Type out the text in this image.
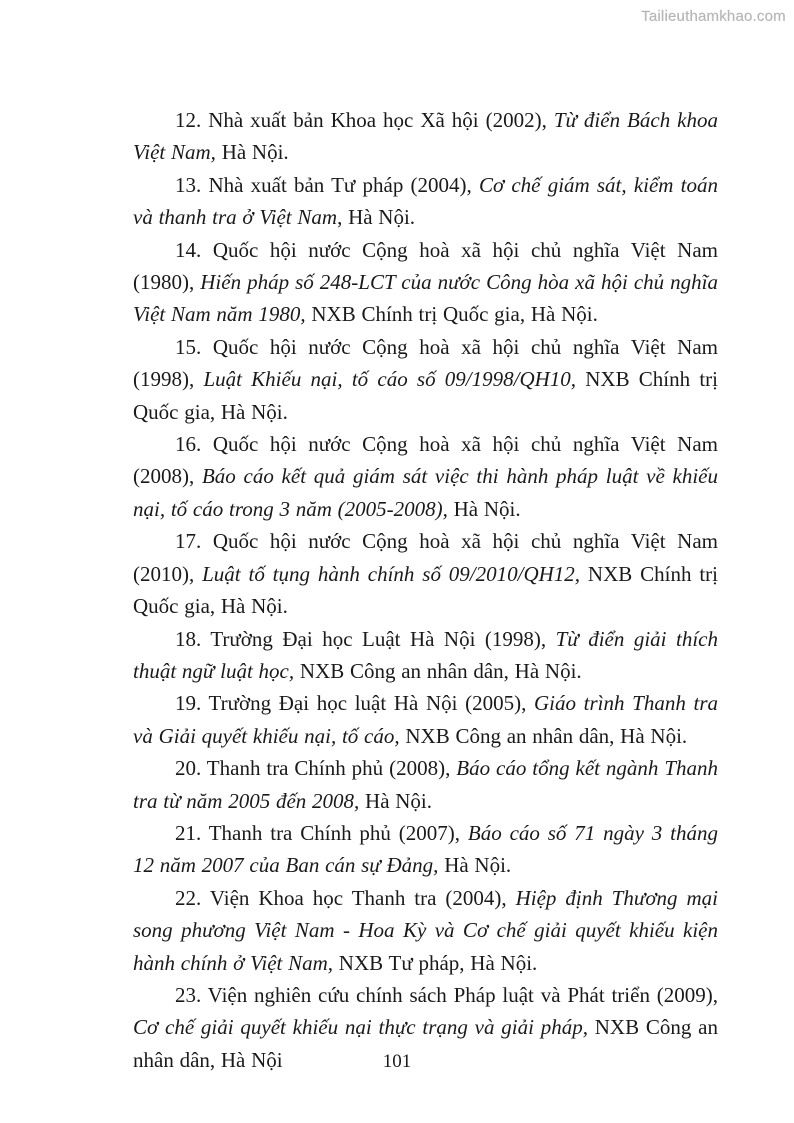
Tailieuthamkhao.com

12. Nhà xuất bản Khoa học Xã hội (2002), Từ điển Bách khoa Việt Nam, Hà Nội.

13. Nhà xuất bản Tư pháp (2004), Cơ chế giám sát, kiểm toán và thanh tra ở Việt Nam, Hà Nội.

14. Quốc hội nước Cộng hoà xã hội chủ nghĩa Việt Nam (1980), Hiến pháp số 248-LCT của nước Công hòa xã hội chủ nghĩa Việt Nam năm 1980, NXB Chính trị Quốc gia, Hà Nội.

15. Quốc hội nước Cộng hoà xã hội chủ nghĩa Việt Nam (1998), Luật Khiếu nại, tố cáo số 09/1998/QH10, NXB Chính trị Quốc gia, Hà Nội.

16. Quốc hội nước Cộng hoà xã hội chủ nghĩa Việt Nam (2008), Báo cáo kết quả giám sát việc thi hành pháp luật về khiếu nại, tố cáo trong 3 năm (2005-2008), Hà Nội.

17. Quốc hội nước Cộng hoà xã hội chủ nghĩa Việt Nam (2010), Luật tố tụng hành chính số 09/2010/QH12, NXB Chính trị Quốc gia, Hà Nội.

18. Trường Đại học Luật Hà Nội (1998), Từ điển giải thích thuật ngữ luật học, NXB Công an nhân dân, Hà Nội.

19. Trường Đại học luật Hà Nội (2005), Giáo trình Thanh tra và Giải quyết khiếu nại, tố cáo, NXB Công an nhân dân, Hà Nội.

20. Thanh tra Chính phủ (2008), Báo cáo tổng kết ngành Thanh tra từ năm 2005 đến 2008, Hà Nội.

21. Thanh tra Chính phủ (2007), Báo cáo số 71 ngày 3 tháng 12 năm 2007 của Ban cán sự Đảng, Hà Nội.

22. Viện Khoa học Thanh tra (2004), Hiệp định Thương mại song phương Việt Nam - Hoa Kỳ và Cơ chế giải quyết khiếu kiện hành chính ở Việt Nam, NXB Tư pháp, Hà Nội.

23. Viện nghiên cứu chính sách Pháp luật và Phát triển (2009), Cơ chế giải quyết khiếu nại thực trạng và giải pháp, NXB Công an nhân dân, Hà Nội	101
